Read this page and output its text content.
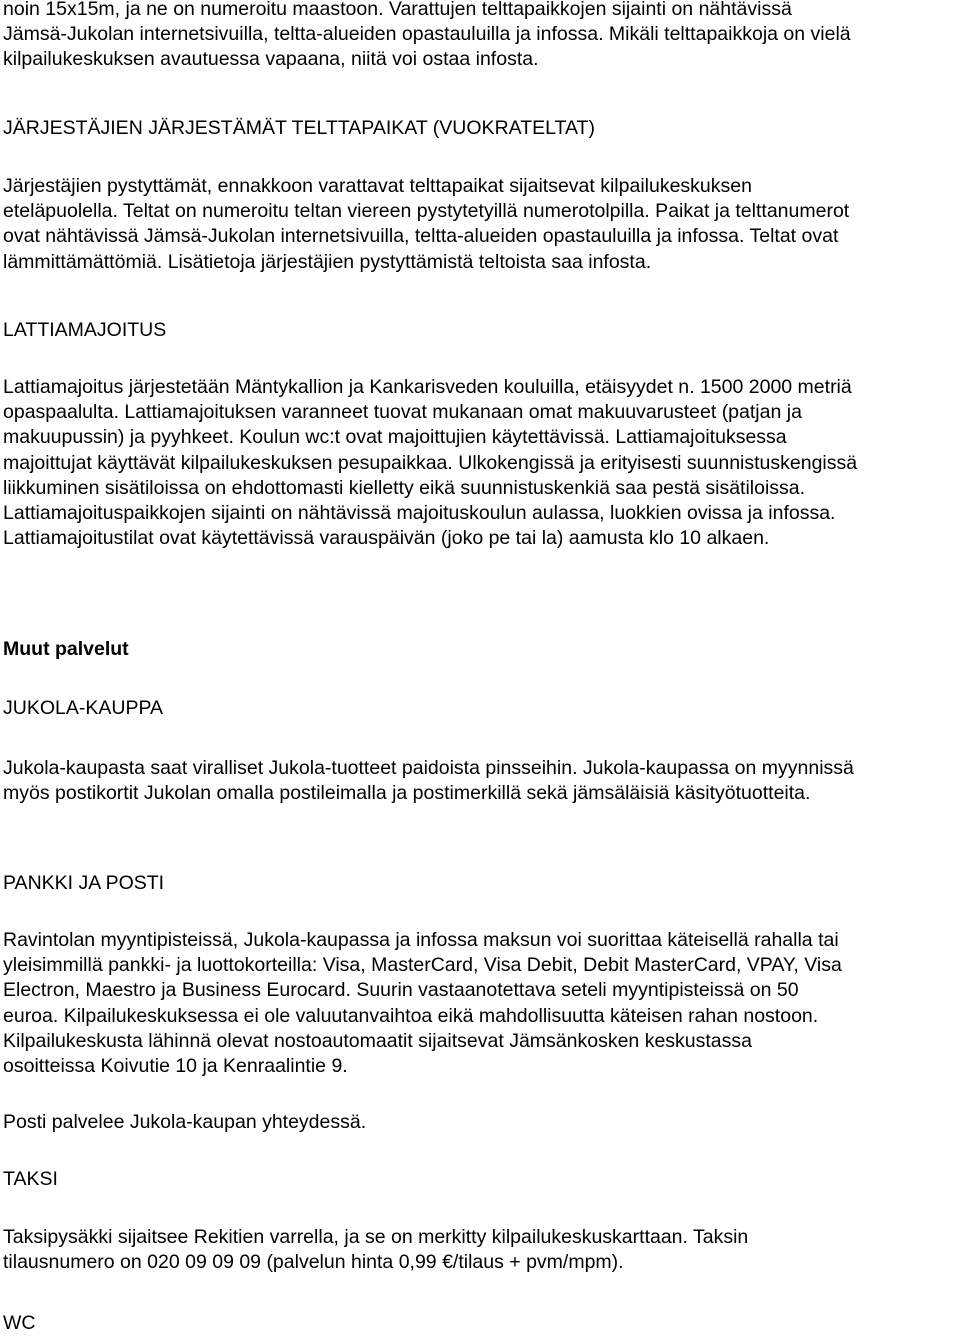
noin 15x15m, ja ne on numeroitu maastoon. Varattujen telttapaikkojen sijainti on nähtävissä
Jämsä-Jukolan internetsivuilla, teltta-alueiden opastauluilla ja infossa. Mikäli telttapaikkoja on vielä
kilpailukeskuksen avautuessa vapaana, niitä voi ostaa infosta.

JÄRJESTÄJIEN JÄRJESTÄMÄT TELTTAPAIKAT (VUOKRATELTAT)

Järjestäjien pystyttämät, ennakkoon varattavat telttapaikat sijaitsevat kilpailukeskuksen
eteläpuolella. Teltat on numeroitu teltan viereen pystytetyillä numerotolpilla. Paikat ja telttanumerot
ovat nähtävissä Jämsä-Jukolan internetsivuilla, teltta-alueiden opastauluilla ja infossa. Teltat ovat
lämmittämättömiä. Lisätietoja järjestäjien pystyttämistä teltoista saa infosta.

LATTIAMAJOITUS

Lattiamajoitus järjestetään Mäntykallion ja Kankarisveden kouluilla, etäisyydet n. 1500 2000 metriä
opaspaalulta. Lattiamajoituksen varanneet tuovat mukanaan omat makuuvarusteet (patjan ja
makuupussin) ja pyyhkeet. Koulun wc:t ovat majoittujien käytettävissä. Lattiamajoituksessa
majoittujat käyttävät kilpailukeskuksen pesupaikkaa. Ulkokengissä ja erityisesti suunnistuskengissä
liikkuminen sisätiloissa on ehdottomasti kielletty eikä suunnistuskenkiä saa pestä sisätiloissa.
Lattiamajoituspaikkojen sijainti on nähtävissä majoituskoulun aulassa, luokkien ovissa ja infossa.
Lattiamajoitustilat ovat käytettävissä varauspäivän (joko pe tai la) aamusta klo 10 alkaen.

Muut palvelut

JUKOLA-KAUPPA

Jukola-kaupasta saat viralliset Jukola-tuotteet paidoista pinsseihin. Jukola-kaupassa on myynnissä
myös postikortit Jukolan omalla postileimalla ja postimerkillä sekä jämsäläisiä käsityötuotteita.

PANKKI JA POSTI

Ravintolan myyntipisteissä, Jukola-kaupassa ja infossa maksun voi suorittaa käteisellä rahalla tai
yleisimmillä pankki- ja luottokorteilla: Visa, MasterCard, Visa Debit, Debit MasterCard, VPAY, Visa
Electron, Maestro ja Business Eurocard. Suurin vastaanotettava seteli myyntipisteissä on 50
euroa. Kilpailukeskuksessa ei ole valuutanvaihtoa eikä mahdollisuutta käteisen rahan nostoon.
Kilpailukeskusta lähinnä olevat nostoautomaatit sijaitsevat Jämsänkosken keskustassa
osoitteissa Koivutie 10 ja Kenraalintie 9.

Posti palvelee Jukola-kaupan yhteydessä.

TAKSI

Taksipysäkki sijaitsee Rekitien varrella, ja se on merkitty kilpailukeskuskarttaan. Taksin
tilausnumero on 020 09 09 09 (palvelun hinta 0,99 €/tilaus + pvm/mpm).

WC
